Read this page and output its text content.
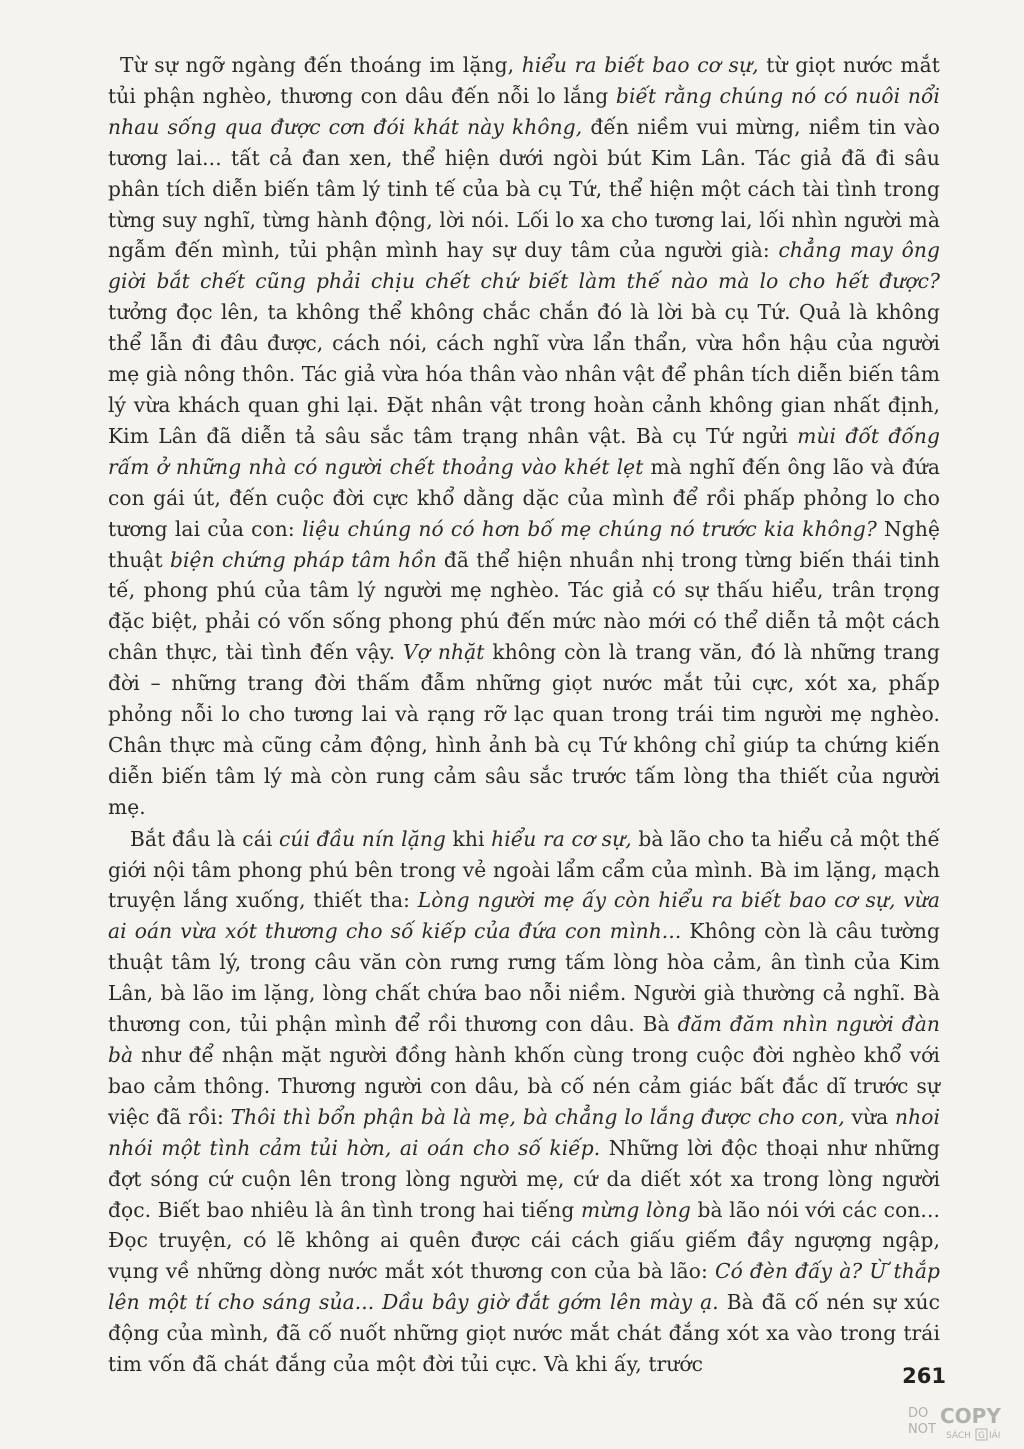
Từ sự ngỡ ngàng đến thoáng im lặng, hiểu ra biết bao cơ sự, từ giọt nước mắt tủi phận nghèo, thương con dâu đến nỗi lo lắng biết rằng chúng nó có nuôi nổi nhau sống qua được cơn đói khát này không, đến niềm vui mừng, niềm tin vào tương lai... tất cả đan xen, thể hiện dưới ngòi bút Kim Lân. Tác giả đã đi sâu phân tích diễn biến tâm lý tinh tế của bà cụ Tứ, thể hiện một cách tài tình trong từng suy nghĩ, từng hành động, lời nói. Lối lo xa cho tương lai, lối nhìn người mà ngẫm đến mình, tủi phận mình hay sự duy tâm của người già: chẳng may ông giời bắt chết cũng phải chịu chết chứ biết làm thế nào mà lo cho hết được? tưởng đọc lên, ta không thể không chắc chắn đó là lời bà cụ Tứ. Quả là không thể lẫn đi đâu được, cách nói, cách nghĩ vừa lẩn thẩn, vừa hồn hậu của người mẹ già nông thôn. Tác giả vừa hóa thân vào nhân vật để phân tích diễn biến tâm lý vừa khách quan ghi lại. Đặt nhân vật trong hoàn cảnh không gian nhất định, Kim Lân đã diễn tả sâu sắc tâm trạng nhân vật. Bà cụ Tứ ngửi mùi đốt đống rấm ở những nhà có người chết thoảng vào khét lẹt mà nghĩ đến ông lão và đứa con gái út, đến cuộc đời cực khổ dằng dặc của mình để rồi phấp phỏng lo cho tương lai của con: liệu chúng nó có hơn bố mẹ chúng nó trước kia không? Nghệ thuật biện chứng pháp tâm hồn đã thể hiện nhuần nhị trong từng biến thái tinh tế, phong phú của tâm lý người mẹ nghèo. Tác giả có sự thấu hiểu, trân trọng đặc biệt, phải có vốn sống phong phú đến mức nào mới có thể diễn tả một cách chân thực, tài tình đến vậy. Vợ nhặt không còn là trang văn, đó là những trang đời – những trang đời thấm đẫm những giọt nước mắt tủi cực, xót xa, phấp phỏng nỗi lo cho tương lai và rạng rỡ lạc quan trong trái tim người mẹ nghèo. Chân thực mà cũng cảm động, hình ảnh bà cụ Tứ không chỉ giúp ta chứng kiến diễn biến tâm lý mà còn rung cảm sâu sắc trước tấm lòng tha thiết của người mẹ.

Bắt đầu là cái cúi đầu nín lặng khi hiểu ra cơ sự, bà lão cho ta hiểu cả một thế giới nội tâm phong phú bên trong vẻ ngoài lẩm cẩm của mình. Bà im lặng, mạch truyện lắng xuống, thiết tha: Lòng người mẹ ấy còn hiểu ra biết bao cơ sự, vừa ai oán vừa xót thương cho số kiếp của đứa con mình... Không còn là câu tường thuật tâm lý, trong câu văn còn rưng rưng tấm lòng hòa cảm, ân tình của Kim Lân, bà lão im lặng, lòng chất chứa bao nỗi niềm. Người già thường cả nghĩ. Bà thương con, tủi phận mình để rồi thương con dâu. Bà đăm đăm nhìn người đàn bà như để nhận mặt người đồng hành khốn cùng trong cuộc đời nghèo khổ với bao cảm thông. Thương người con dâu, bà cố nén cảm giác bất đắc dĩ trước sự việc đã rồi: Thôi thì bổn phận bà là mẹ, bà chẳng lo lắng được cho con, vừa nhoi nhói một tình cảm tủi hờn, ai oán cho số kiếp. Những lời độc thoại như những đợt sóng cứ cuộn lên trong lòng người mẹ, cứ da diết xót xa trong lòng người đọc. Biết bao nhiêu là ân tình trong hai tiếng mừng lòng bà lão nói với các con... Đọc truyện, có lẽ không ai quên được cái cách giấu giếm đầy ngượng ngập, vụng về những dòng nước mắt xót thương con của bà lão: Có đèn đấy à? Ừ thắp lên một tí cho sáng sủa... Dầu bây giờ đắt gớm lên mày ạ. Bà đã cố nén sự xúc động của mình, đã cố nuốt những giọt nước mắt chát đắng xót xa vào trong trái tim vốn đã chát đắng của một đời tủi cực. Và khi ấy, trước	261
DO
NOT
COPY
SÁCH G IẢI
